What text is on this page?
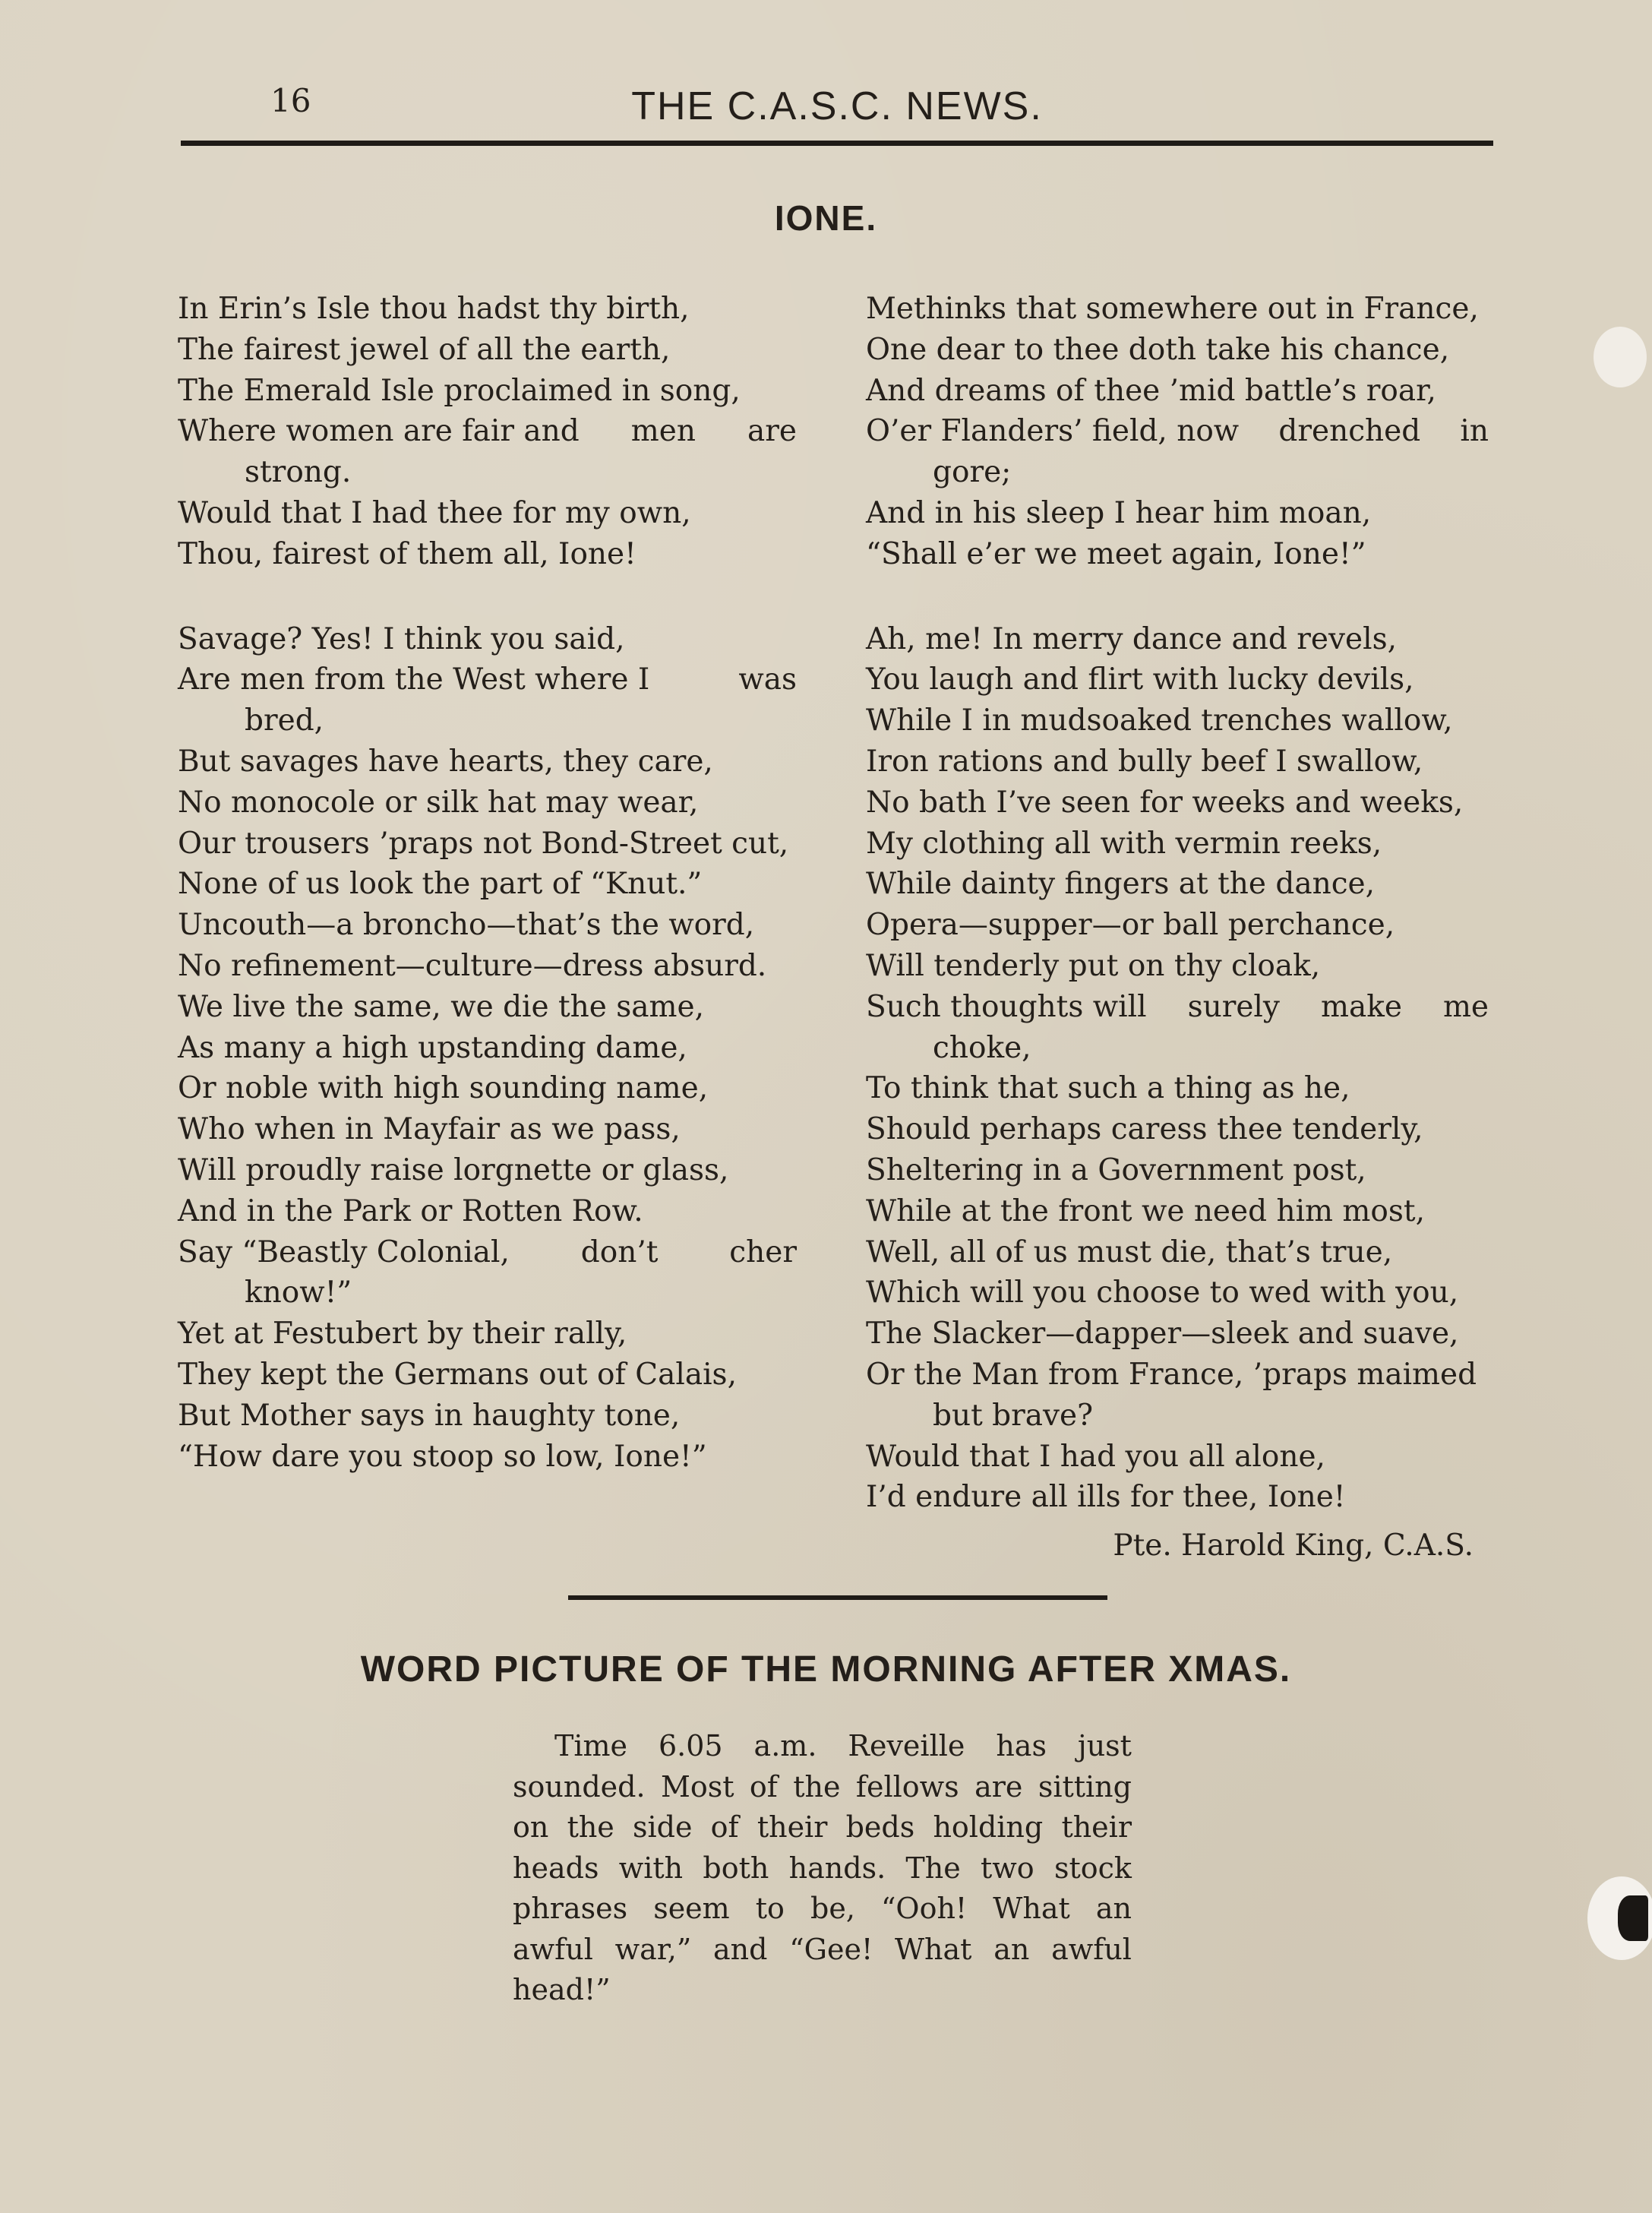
16	THE C.A.S.C. NEWS.
IONE.
In Erin’s Isle thou hadst thy birth,
The fairest jewel of all the earth,
The Emerald Isle proclaimed in song,
Where women are fair and men are
strong.
Would that I had thee for my own,
Thou, fairest of them all, Ione!
Savage? Yes! I think you said,
Are men from the West where I	was
bred,
But savages have hearts, they care,
No monocole or silk hat may wear,
Our trousers ’praps not Bond-Street cut,
None of us look the part of “Knut.”
Uncouth—a broncho—that’s the word,
No refinement—culture—dress absurd.
We live the same, we die the same,
As many a high upstanding dame,
Or noble with high sounding name,
Who when in Mayfair as we pass,
Will proudly raise lorgnette or glass,
And in the Park or Rotten Row.
Say “Beastly Colonial, don’t cher
know!”
Yet at Festubert by their rally,
They kept the Germans out of Calais,
But Mother says in haughty tone,
“How dare you stoop so low, Ione!”
Methinks that somewhere out in France,
One dear to thee doth take his chance,
And dreams of thee ’mid battle’s roar,
O’er Flanders’ field, now drenched in
gore;
And in his sleep I hear him moan,
“Shall e’er we meet again, Ione!”
Ah, me! In merry dance and revels,
You laugh and flirt with lucky devils,
While I in mudsoaked trenches wallow,
Iron rations and bully beef I swallow,
No bath I’ve seen for weeks and weeks,
My clothing all with vermin reeks,
While dainty fingers at the dance,
Opera—supper—or ball perchance,
Will tenderly put on thy cloak,
Such thoughts will surely make me
choke,
To think that such a thing as he,
Should perhaps caress thee tenderly,
Sheltering in a Government post,
While at the front we need him most,
Well, all of us must die, that’s true,
Which will you choose to wed with you,
The Slacker—dapper—sleek and suave,
Or the Man from France, ’praps maimed
but brave?
Would that I had you all alone,
I’d endure all ills for thee, Ione!
Pte. Harold King, C.A.S.
WORD PICTURE OF THE MORNING AFTER XMAS.
Time 6.05 a.m. Reveille has just
sounded. Most of the fellows are sitting
on the side of their beds holding their
heads with both hands. The two stock
phrases seem to be, “Ooh! What an
awful war,” and “Gee! What an awful
head!”
